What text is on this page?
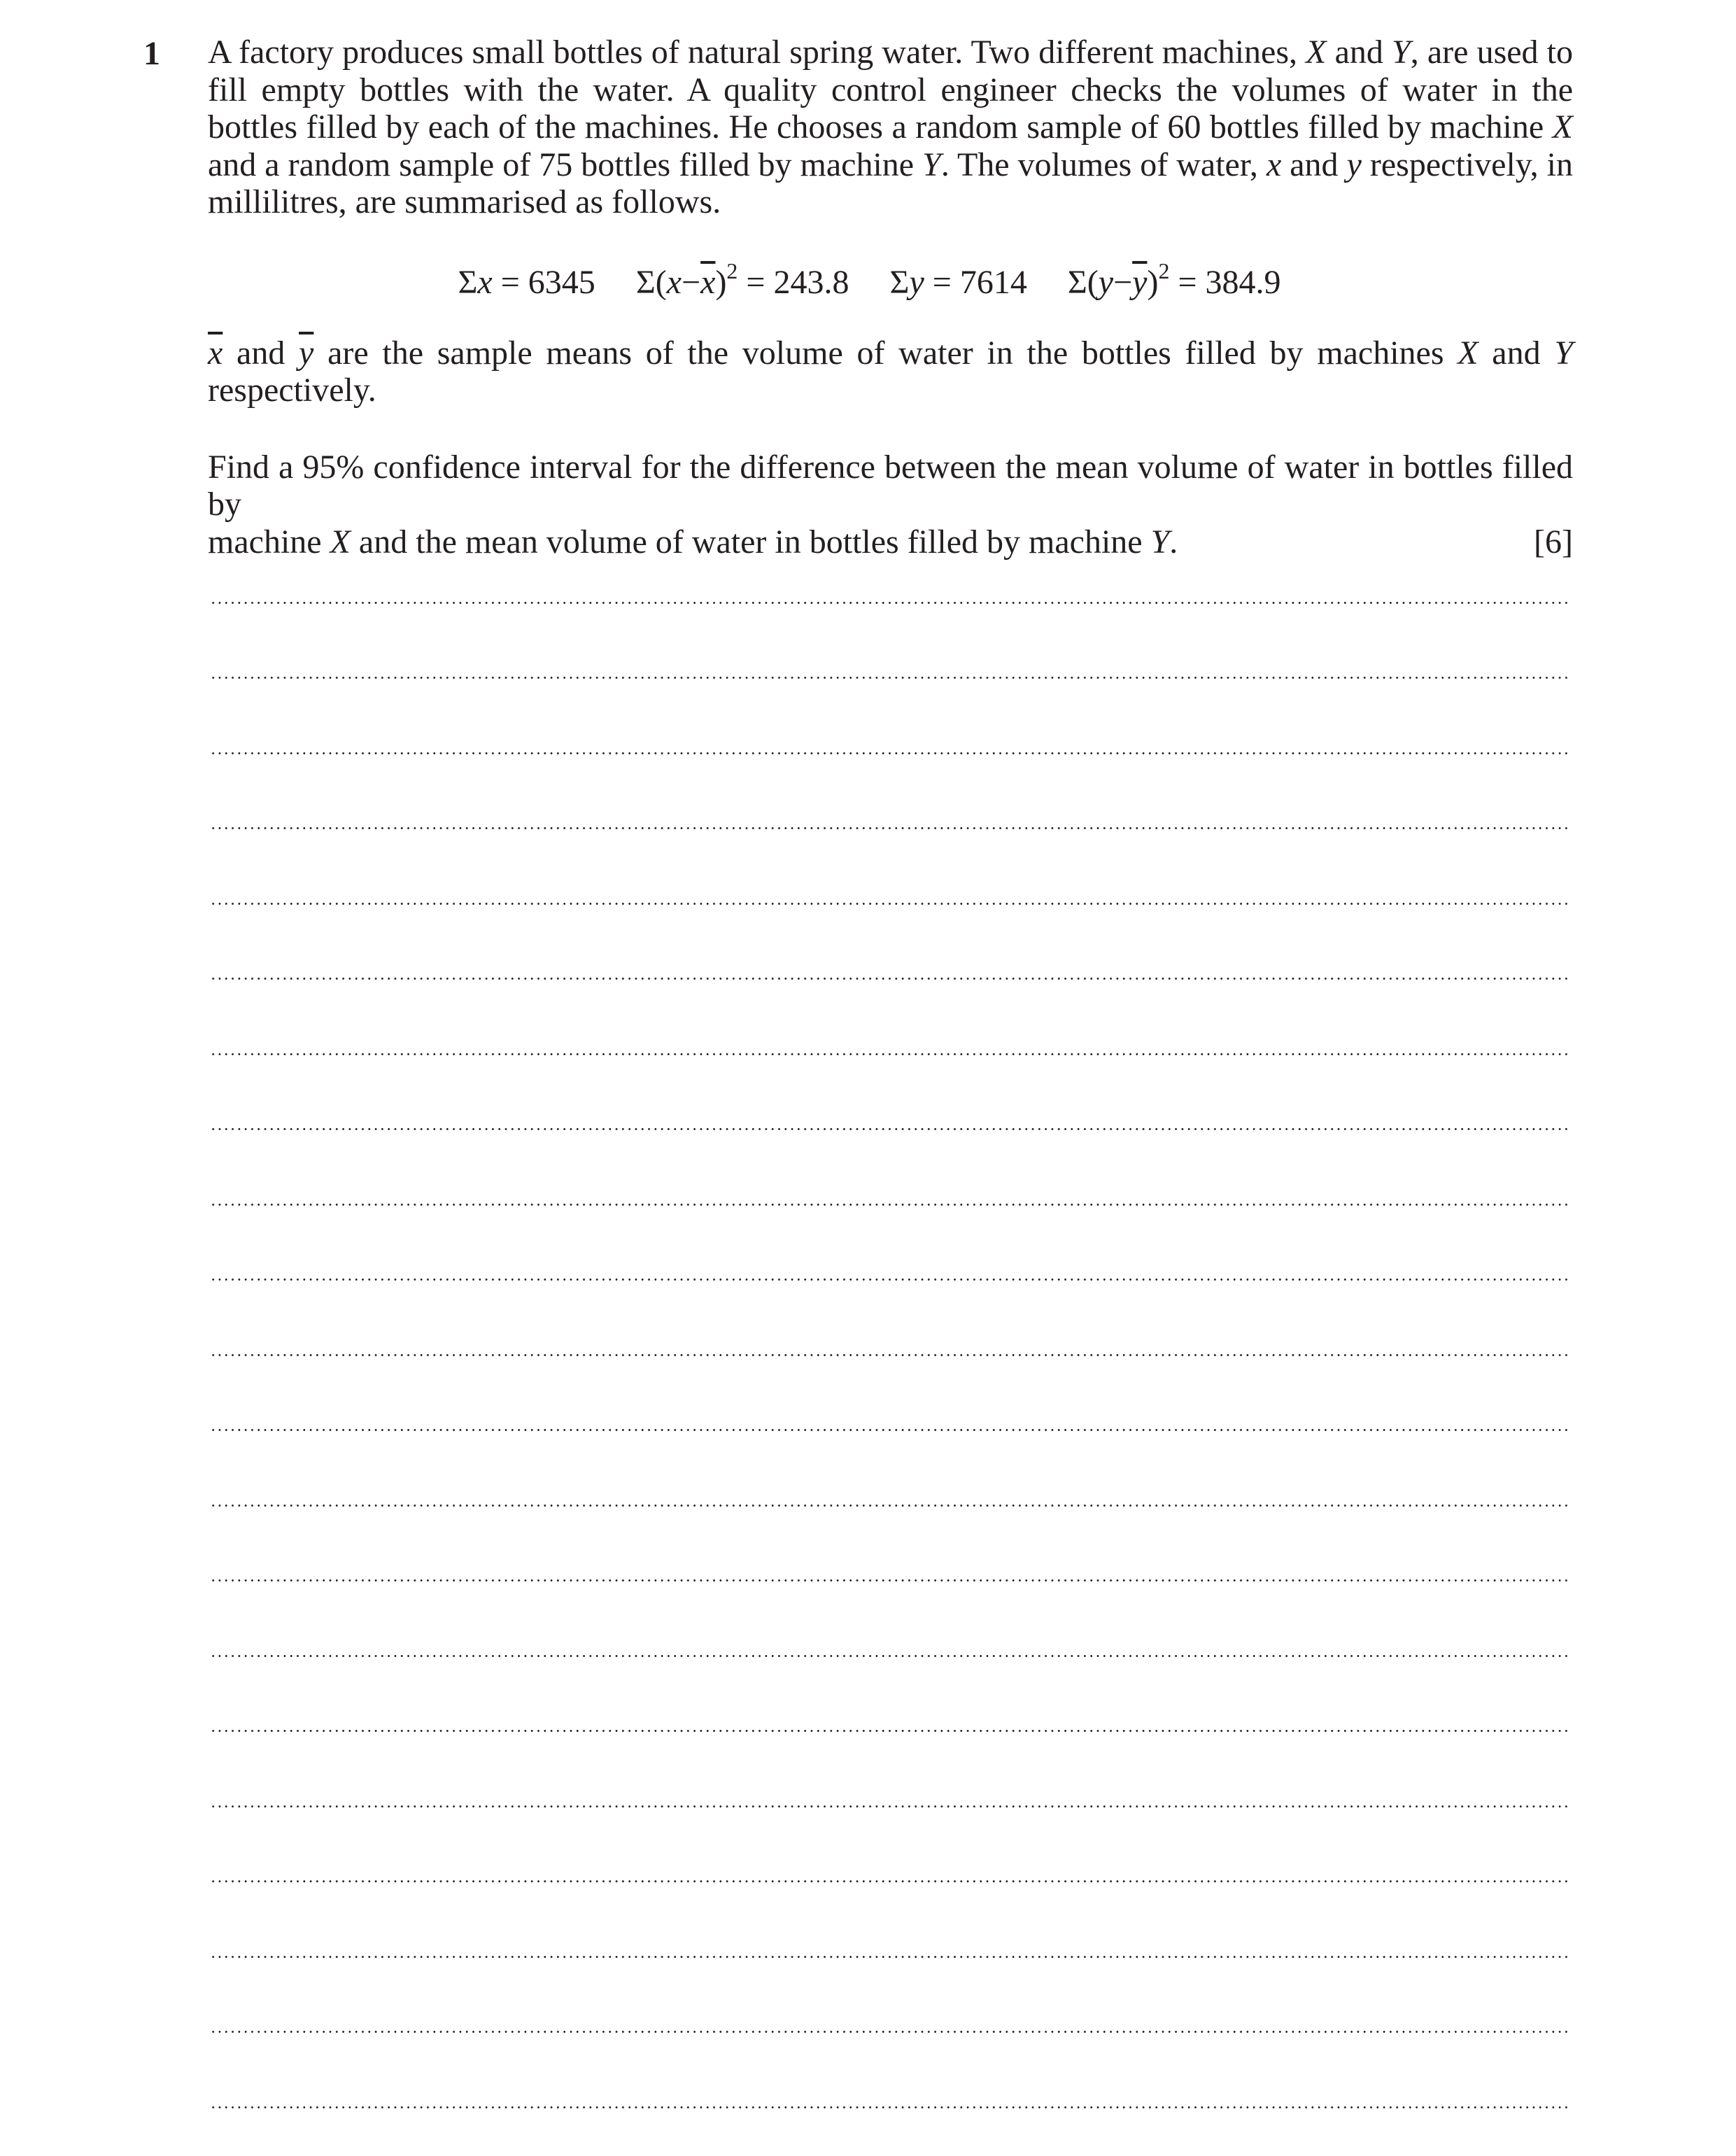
1 A factory produces small bottles of natural spring water. Two different machines, X and Y, are used to fill empty bottles with the water. A quality control engineer checks the volumes of water in the bottles filled by each of the machines. He chooses a random sample of 60 bottles filled by machine X and a random sample of 75 bottles filled by machine Y. The volumes of water, x and y respectively, in millilitres, are summarised as follows.

Σx = 6345 $\Sigma(x-\overline{x})^2 = 243.8$ Σy = 7614 $\Sigma(y-\overline{y})^2 = 384.9$

$\overline{x}$ and $\overline{y}$ are the sample means of the volume of water in the bottles filled by machines X and Y respectively.

Find a 95% confidence interval for the difference between the mean volume of water in bottles filled by

machine X and the mean volume of water in bottles filled by machine Y.	[6]
